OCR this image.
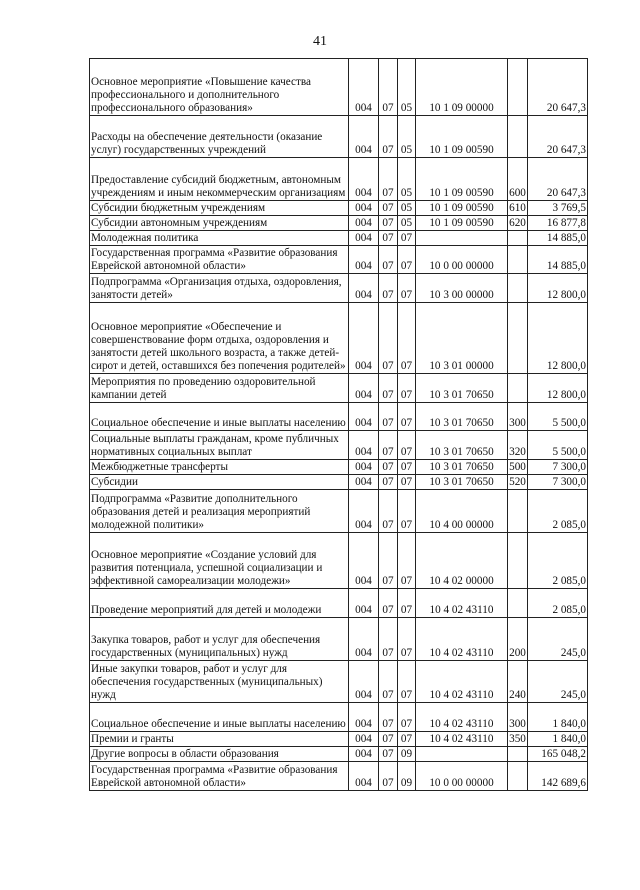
41
Основное мероприятие «Повышение качества профессионального и дополнительного профессионального образования»	004	07	05	10 1 09 00000		20 647,3
Расходы на обеспечение деятельности (оказание услуг) государственных учреждений	004	07	05	10 1 09 00590		20 647,3
Предоставление субсидий бюджетным, автономным учреждениям и иным некоммерческим организациям	004	07	05	10 1 09 00590	600	20 647,3
Субсидии бюджетным учреждениям	004	07	05	10 1 09 00590	610	3 769,5
Субсидии автономным учреждениям	004	07	05	10 1 09 00590	620	16 877,8
Молодежная политика	004	07	07			14 885,0
Государственная программа «Развитие образования Еврейской автономной области»	004	07	07	10 0 00 00000		14 885,0
Подпрограмма «Организация отдыха, оздоровления, занятости детей»	004	07	07	10 3 00 00000		12 800,0
Основное мероприятие «Обеспечение и совершенствование форм отдыха, оздоровления и занятости детей школьного возраста, а также детей-сирот и детей, оставшихся без попечения родителей»	004	07	07	10 3 01 00000		12 800,0
Мероприятия по проведению оздоровительной кампании детей	004	07	07	10 3 01 70650		12 800,0
Социальное обеспечение и иные выплаты населению	004	07	07	10 3 01 70650	300	5 500,0
Социальные выплаты гражданам, кроме публичных нормативных социальных выплат	004	07	07	10 3 01 70650	320	5 500,0
Межбюджетные трансферты	004	07	07	10 3 01 70650	500	7 300,0
Субсидии	004	07	07	10 3 01 70650	520	7 300,0
Подпрограмма «Развитие дополнительного образования детей и реализация мероприятий молодежной политики»	004	07	07	10 4 00 00000		2 085,0
Основное мероприятие «Создание условий для развития потенциала, успешной социализации и эффективной самореализации молодежи»	004	07	07	10 4 02 00000		2 085,0
Проведение мероприятий для детей и молодежи	004	07	07	10 4 02 43110		2 085,0
Закупка товаров, работ и услуг для обеспечения государственных (муниципальных) нужд	004	07	07	10 4 02 43110	200	245,0
Иные закупки товаров, работ и услуг для обеспечения государственных (муниципальных) нужд	004	07	07	10 4 02 43110	240	245,0
Социальное обеспечение и иные выплаты населению	004	07	07	10 4 02 43110	300	1 840,0
Премии и гранты	004	07	07	10 4 02 43110	350	1 840,0
Другие вопросы в области образования	004	07	09			165 048,2
Государственная программа «Развитие образования Еврейской автономной области»	004	07	09	10 0 00 00000		142 689,6
